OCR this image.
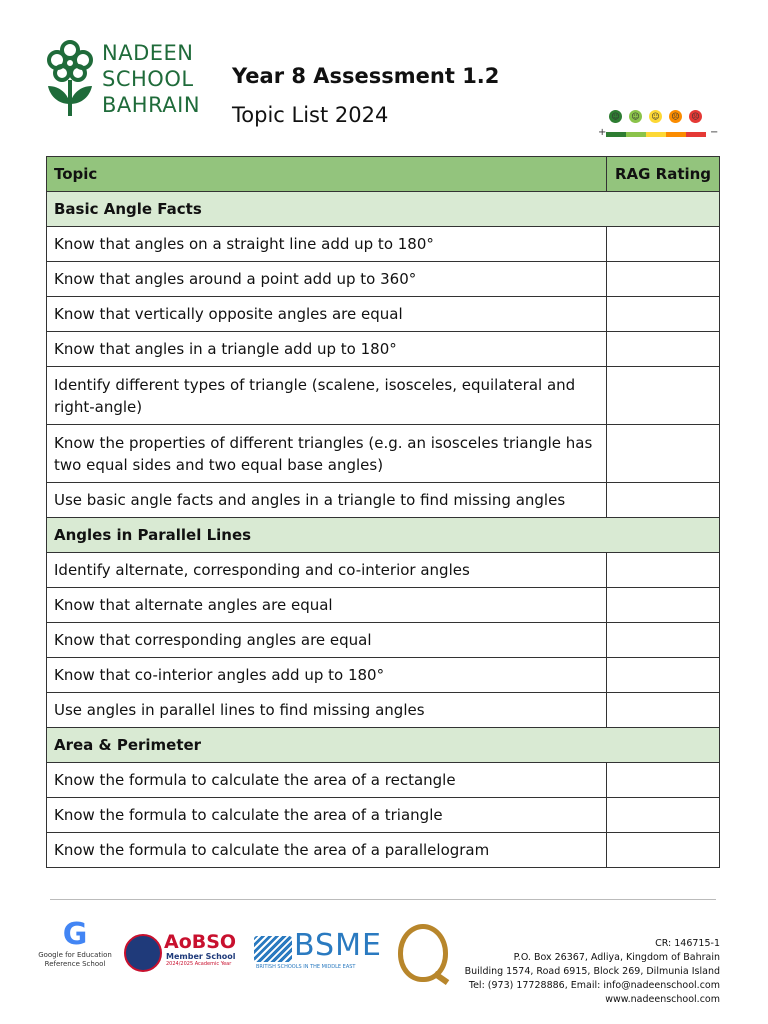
NADEEN
SCHOOL
BAHRAIN
Year 8 Assessment 1.2
Topic List 2024	☺ ☺ ☺ ☹ ☹
+	−
Topic	RAG Rating
Basic Angle Facts	
Know that angles on a straight line add up to 180°	
Know that angles around a point add up to 360°	
Know that vertically opposite angles are equal	
Know that angles in a triangle add up to 180°	
Identify different types of triangle (scalene, isosceles, equilateral and right-angle)	
Know the properties of different triangles (e.g. an isosceles triangle has two equal sides and two equal base angles)	
Use basic angle facts and angles in a triangle to find missing angles	
Angles in Parallel Lines	
Identify alternate, corresponding and co-interior angles	
Know that alternate angles are equal	
Know that corresponding angles are equal	
Know that co-interior angles add up to 180°	
Use angles in parallel lines to find missing angles	
Area & Perimeter	
Know the formula to calculate the area of a rectangle	
Know the formula to calculate the area of a triangle	
Know the formula to calculate the area of a parallelogram	
G
Google for Education
Reference School
AoBSO
Member School
2024/2025 Academic Year
BSME
BRITISH SCHOOLS IN THE MIDDLE EAST
CR: 146715-1
P.O. Box 26367, Adliya, Kingdom of Bahrain
Building 1574, Road 6915, Block 269, Dilmunia Island
Tel: (973) 17728886, Email: info@nadeenschool.com
www.nadeenschool.com
